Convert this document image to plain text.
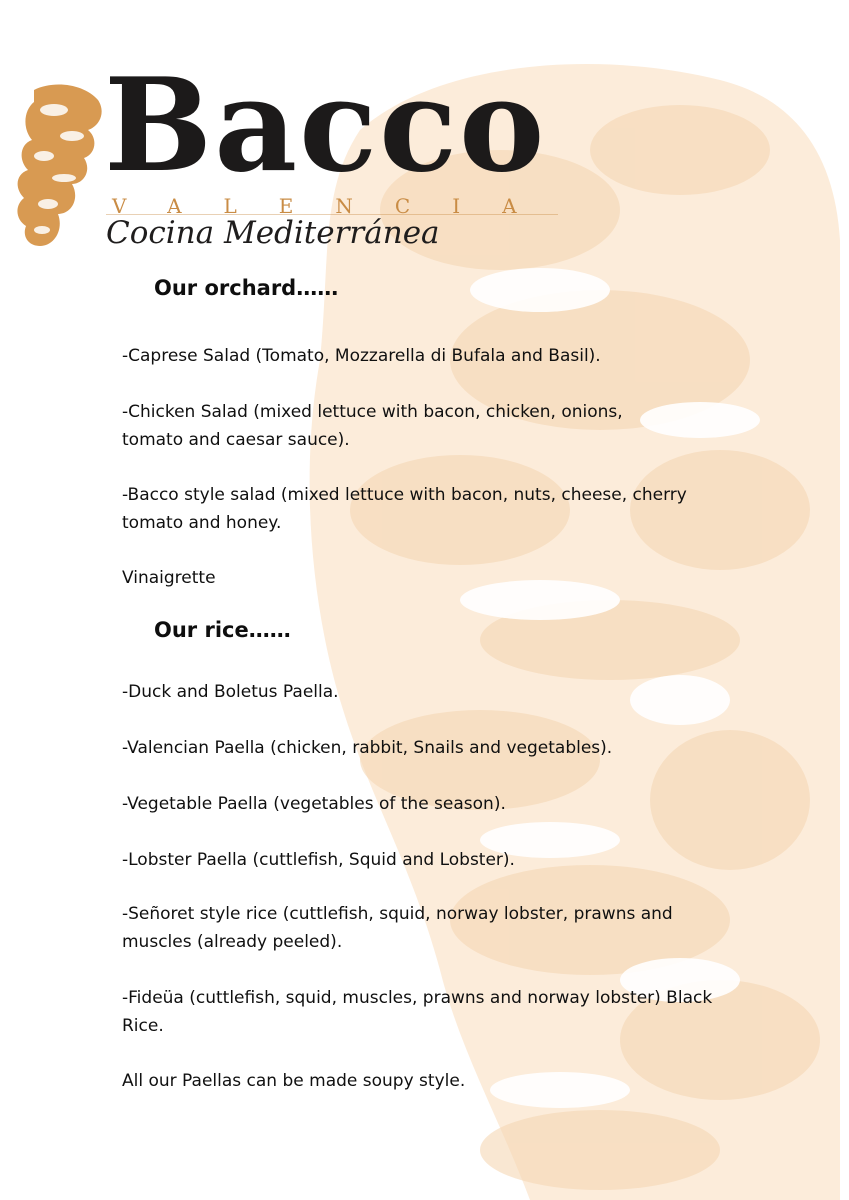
Bacco
VALENCIA
Cocina Mediterránea
Our orchard……
-Caprese Salad (Tomato, Mozzarella di Bufala and Basil).
-Chicken Salad (mixed lettuce with bacon, chicken, onions, tomato and caesar sauce).
-Bacco style salad (mixed lettuce with bacon, nuts, cheese, cherry tomato and honey.
Vinaigrette
Our rice……
-Duck and Boletus Paella.
-Valencian Paella (chicken, rabbit, Snails and vegetables).
-Vegetable Paella (vegetables of the season).
-Lobster Paella (cuttlefish, Squid and Lobster).
-Señoret style rice (cuttlefish, squid, norway lobster, prawns and muscles (already peeled).
-Fideüa (cuttlefish, squid, muscles, prawns and norway lobster) Black Rice.
All our Paellas can be made soupy style.
